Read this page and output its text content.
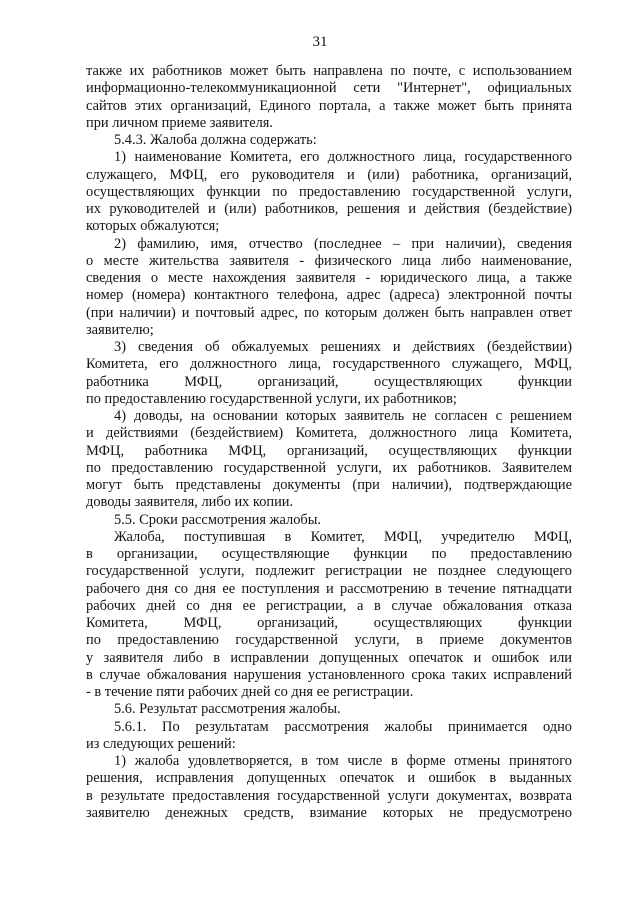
31
также их работников может быть направлена по почте, с использованием
информационно-телекоммуникационной сети "Интернет", официальных
сайтов этих организаций, Единого портала, а также может быть принята
при личном приеме заявителя.
5.4.3. Жалоба должна содержать:
1) наименование Комитета, его должностного лица, государственного
служащего, МФЦ, его руководителя и (или) работника, организаций,
осуществляющих функции по предоставлению государственной услуги,
их руководителей и (или) работников, решения и действия (бездействие)
которых обжалуются;
2) фамилию, имя, отчество (последнее – при наличии), сведения
о месте жительства заявителя - физического лица либо наименование,
сведения о месте нахождения заявителя - юридического лица, а также
номер (номера) контактного телефона, адрес (адреса) электронной почты
(при наличии) и почтовый адрес, по которым должен быть направлен ответ
заявителю;
3) сведения об обжалуемых решениях и действиях (бездействии)
Комитета, его должностного лица, государственного служащего, МФЦ,
работника МФЦ, организаций, осуществляющих функции
по предоставлению государственной услуги, их работников;
4) доводы, на основании которых заявитель не согласен с решением
и действиями (бездействием) Комитета, должностного лица Комитета,
МФЦ, работника МФЦ, организаций, осуществляющих функции
по предоставлению государственной услуги, их работников. Заявителем
могут быть представлены документы (при наличии), подтверждающие
доводы заявителя, либо их копии.
5.5. Сроки рассмотрения жалобы.
Жалоба, поступившая в Комитет, МФЦ, учредителю МФЦ,
в организации, осуществляющие функции по предоставлению
государственной услуги, подлежит регистрации не позднее следующего
рабочего дня со дня ее поступления и рассмотрению в течение пятнадцати
рабочих дней со дня ее регистрации, а в случае обжалования отказа
Комитета, МФЦ, организаций, осуществляющих функции
по предоставлению государственной услуги, в приеме документов
у заявителя либо в исправлении допущенных опечаток и ошибок или
в случае обжалования нарушения установленного срока таких исправлений
- в течение пяти рабочих дней со дня ее регистрации.
5.6. Результат рассмотрения жалобы.
5.6.1. По результатам рассмотрения жалобы принимается одно
из следующих решений:
1) жалоба удовлетворяется, в том числе в форме отмены принятого
решения, исправления допущенных опечаток и ошибок в выданных
в результате предоставления государственной услуги документах, возврата
заявителю денежных средств, взимание которых не предусмотрено
